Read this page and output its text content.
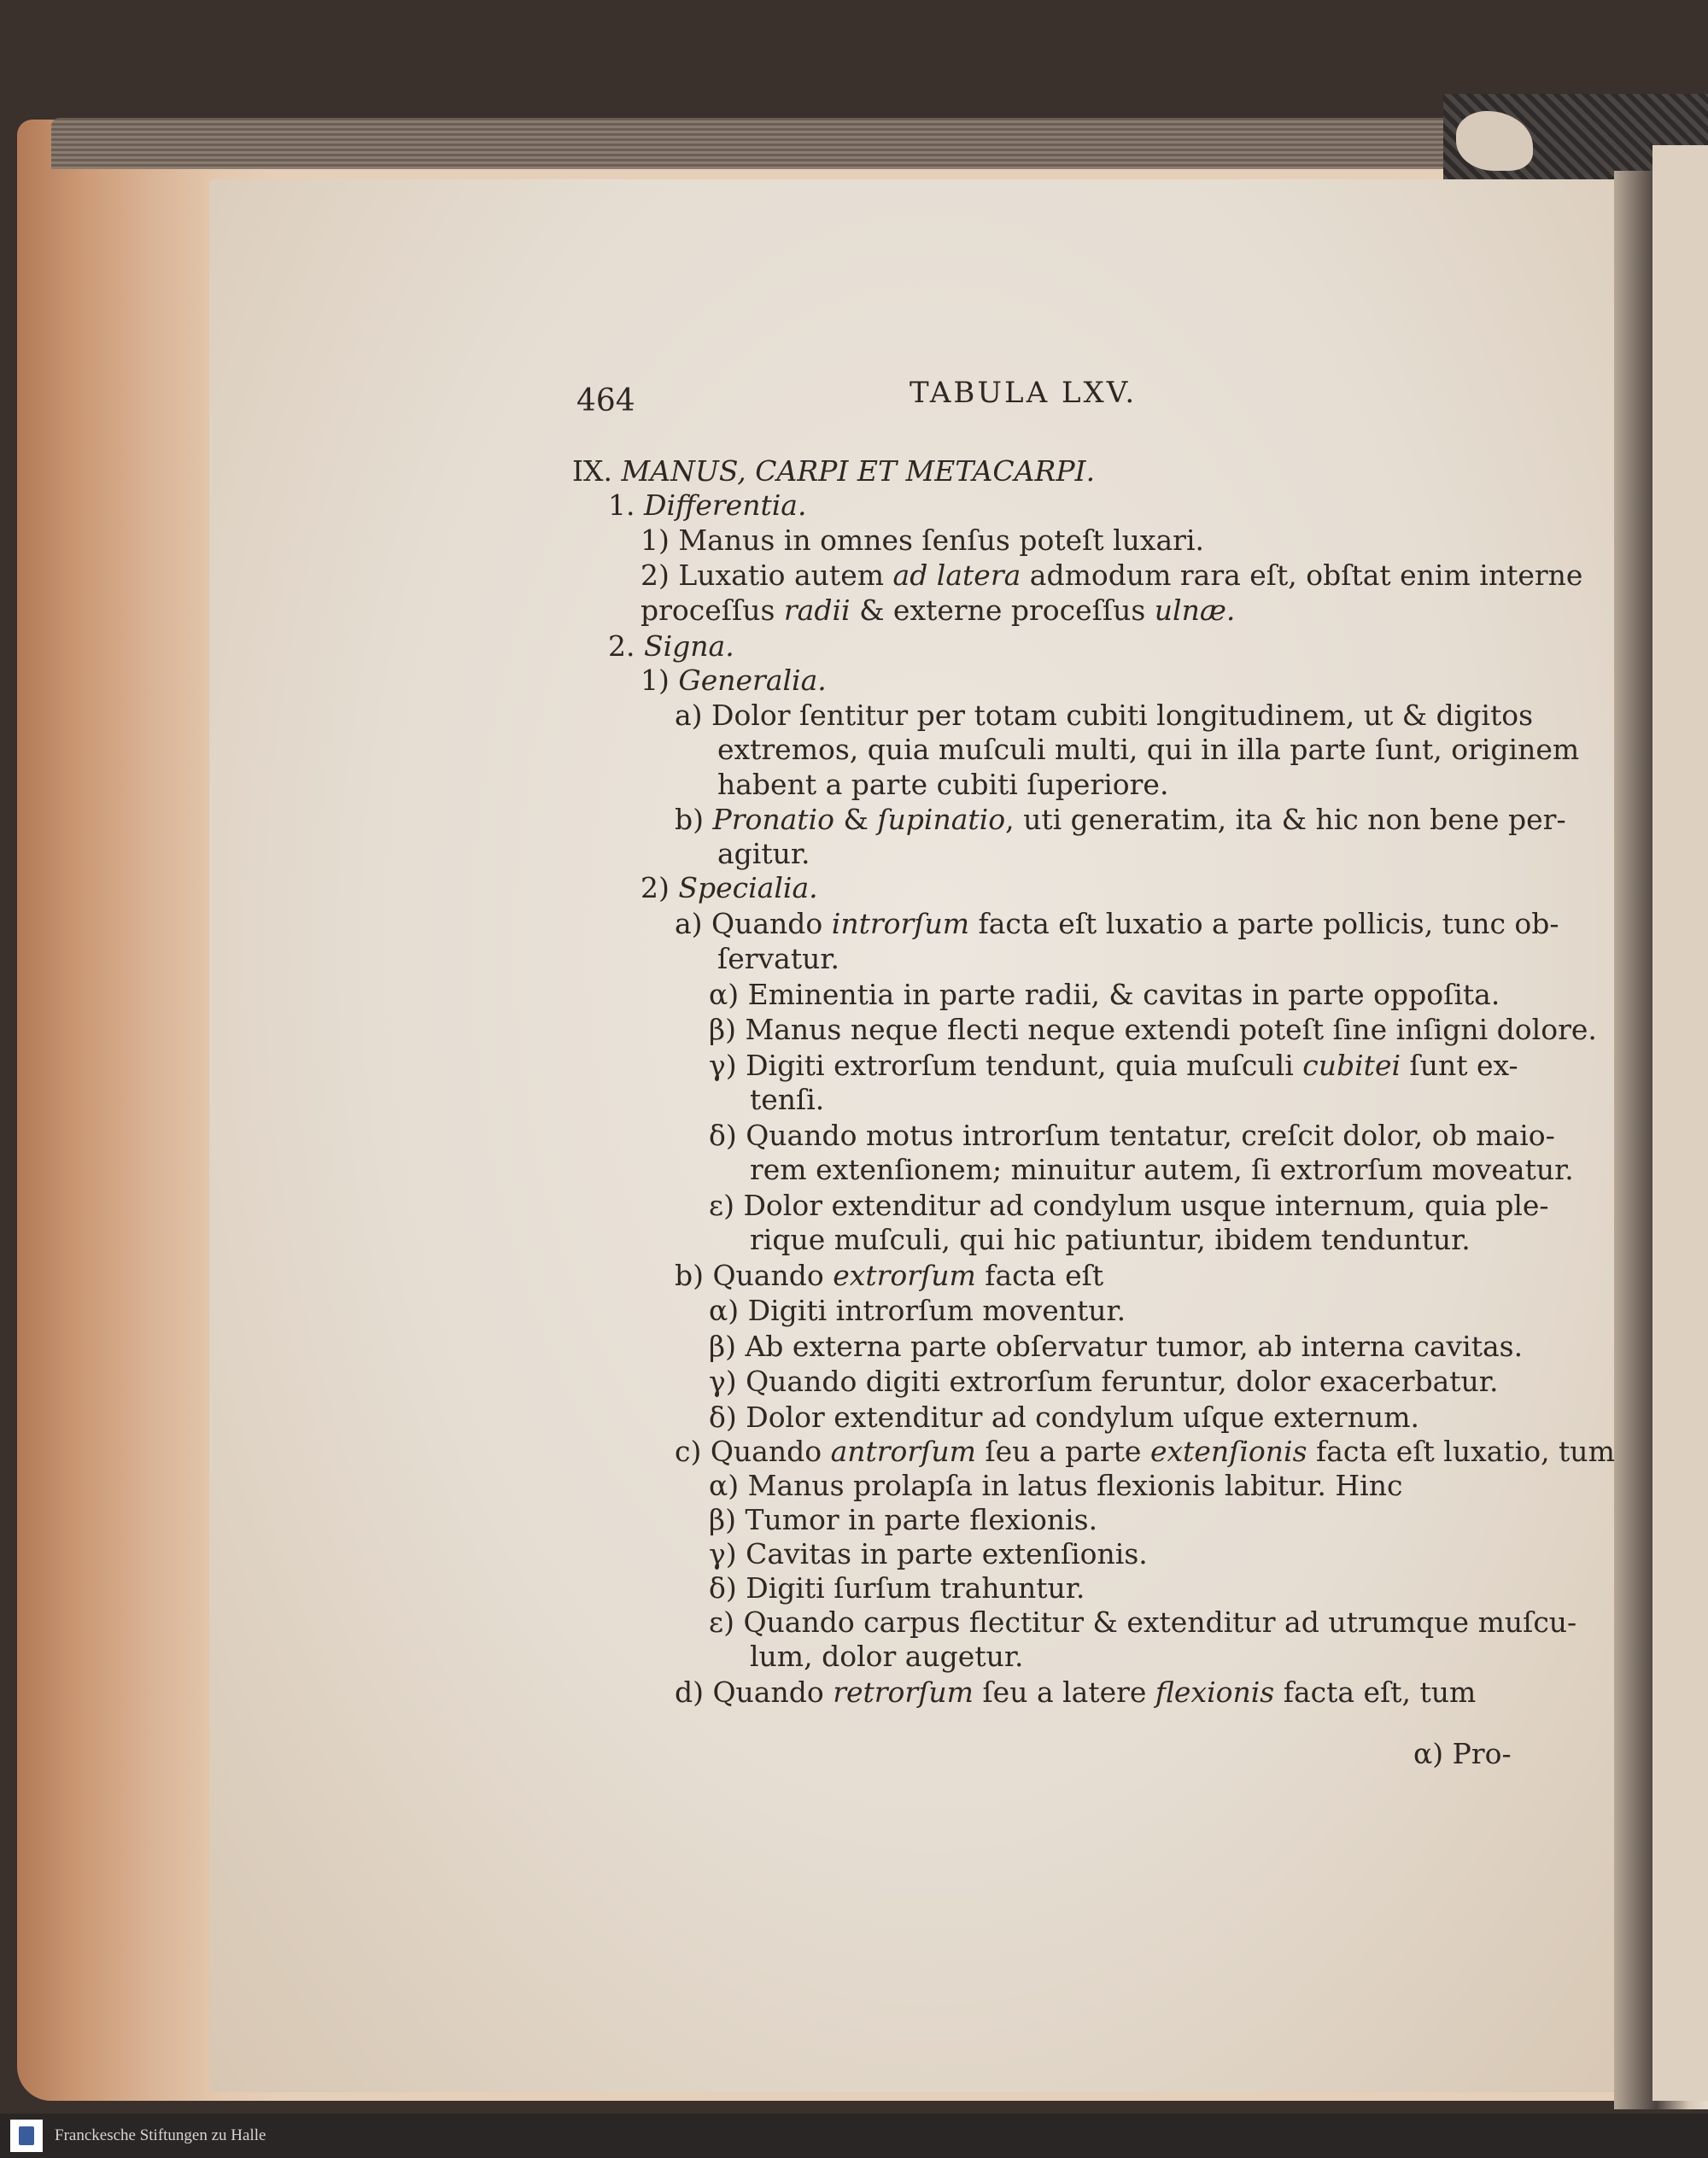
464	TABULA LXV.
IX. MANUS, CARPI ET METACARPI.
1. Differentia.
1) Manus in omnes ſenſus poteſt luxari.
2) Luxatio autem ad latera admodum rara eſt, obſtat enim interne
proceſſus radii & externe proceſſus ulnæ.
2. Signa.
1) Generalia.
a) Dolor ſentitur per totam cubiti longitudinem, ut & digitos
extremos, quia muſculi multi, qui in illa parte ſunt, originem
habent a parte cubiti ſuperiore.
b) Pronatio & ſupinatio, uti generatim, ita & hic non bene per-
agitur.
2) Specialia.
a) Quando introrſum facta eſt luxatio a parte pollicis, tunc ob-
ſervatur.
α) Eminentia in parte radii, & cavitas in parte oppoſita.
β) Manus neque flecti neque extendi poteſt ſine inſigni dolore.
γ) Digiti extrorſum tendunt, quia muſculi cubitei ſunt ex-
tenſi.
δ) Quando motus introrſum tentatur, creſcit dolor, ob maio-
rem extenſionem; minuitur autem, ſi extrorſum moveatur.
ε) Dolor extenditur ad condylum usque internum, quia ple-
rique muſculi, qui hic patiuntur, ibidem tenduntur.
b) Quando extrorſum facta eſt
α) Digiti introrſum moventur.
β) Ab externa parte obſervatur tumor, ab interna cavitas.
γ) Quando digiti extrorſum feruntur, dolor exacerbatur.
δ) Dolor extenditur ad condylum uſque externum.
c) Quando antrorſum ſeu a parte extenſionis facta eſt luxatio, tum
α) Manus prolapſa in latus flexionis labitur. Hinc
β) Tumor in parte flexionis.
γ) Cavitas in parte extenſionis.
δ) Digiti ſurſum trahuntur.
ε) Quando carpus flectitur & extenditur ad utrumque muſcu-
lum, dolor augetur.
d) Quando retrorſum ſeu a latere flexionis facta eſt, tum
α) Pro-
Franckesche Stiftungen zu Halle
